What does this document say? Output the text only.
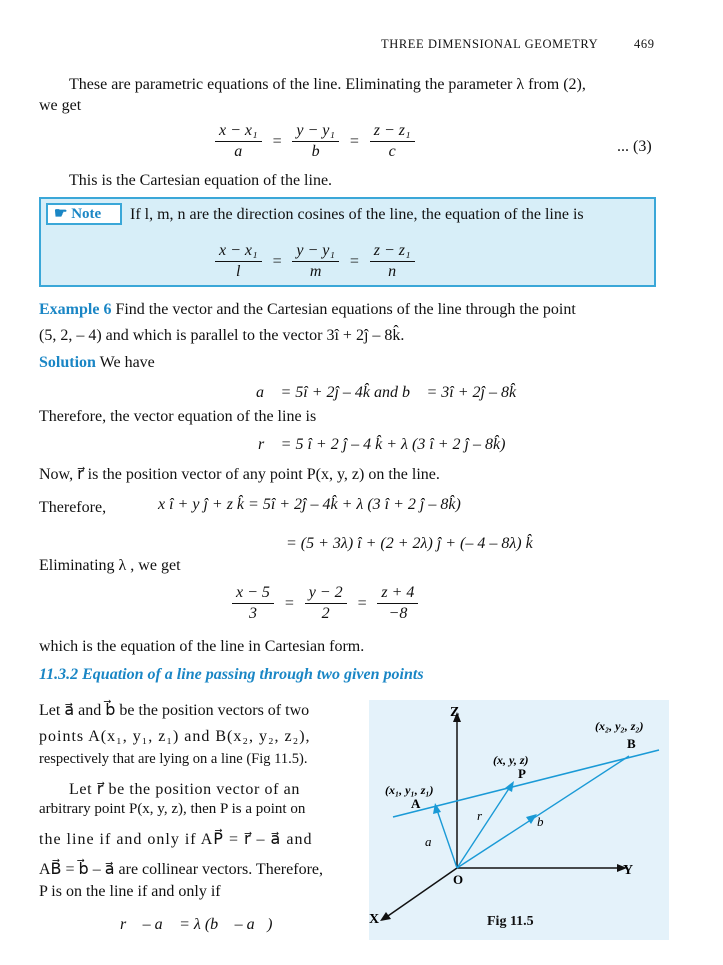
THREE DIMENSIONAL GEOMETRY	469
These are parametric equations of the line. Eliminating the parameter λ from (2),
we get
$\frac{\text{x − x₁}}{a} = \frac{\text{y − y₁}}{b} = \frac{\text{z − z₁}}{c}$	... (3)
This is the Cartesian equation of the line.
☛ Note	If l, m, n are the direction cosines of the line, the equation of the line is
$\frac{\text{x − x₁}}{l} = \frac{\text{y − y₁}}{m} = \frac{\text{z − z₁}}{n}$
Example 6 Find the vector and the Cartesian equations of the line through the point
(5, 2, – 4) and which is parallel to the vector 3î + 2ĵ – 8k̂.
Solution We have
a⃗ = 5î + 2ĵ – 4k̂ and b⃗ = 3î + 2ĵ – 8k̂
Therefore, the vector equation of the line is
r⃗ = 5 î + 2 ĵ – 4 k̂ + λ (3 î + 2 ĵ – 8k̂)
Now, r⃗ is the position vector of any point P(x, y, z) on the line.
Therefore,	x î + y ĵ + z k̂ = 5î + 2ĵ – 4k̂ + λ (3 î + 2 ĵ – 8k̂)
= (5 + 3λ) î + (2 + 2λ) ĵ + (– 4 – 8λ) k̂
Eliminating λ , we get
$\frac{x - 5}{3} = \frac{y - 2}{2} = \frac{z + 4}{-8}$
which is the equation of the line in Cartesian form.
11.3.2 Equation of a line passing through two given points
Let a⃗ and b⃗ be the position vectors of two
points A(x₁, y₁, z₁) and B(x₂, y₂, z₂),
respectively that are lying on a line (Fig 11.5).
Let r⃗ be the position vector of an
arbitrary point P(x, y, z), then P is a point on
the line if and only if AP⃗ = r⃗ – a⃗ and
AB⃗ = b⃗ – a⃗ are collinear vectors. Therefore,
P is on the line if and only if
r⃗ – a⃗ = λ (b⃗ – a⃗)
Z
Y
X
O
A
B
P
(x₁, y₁, z₁)
(x₂, y₂, z₂)
(x, y, z)
a⃗
r⃗	b⃗
Fig 11.5
